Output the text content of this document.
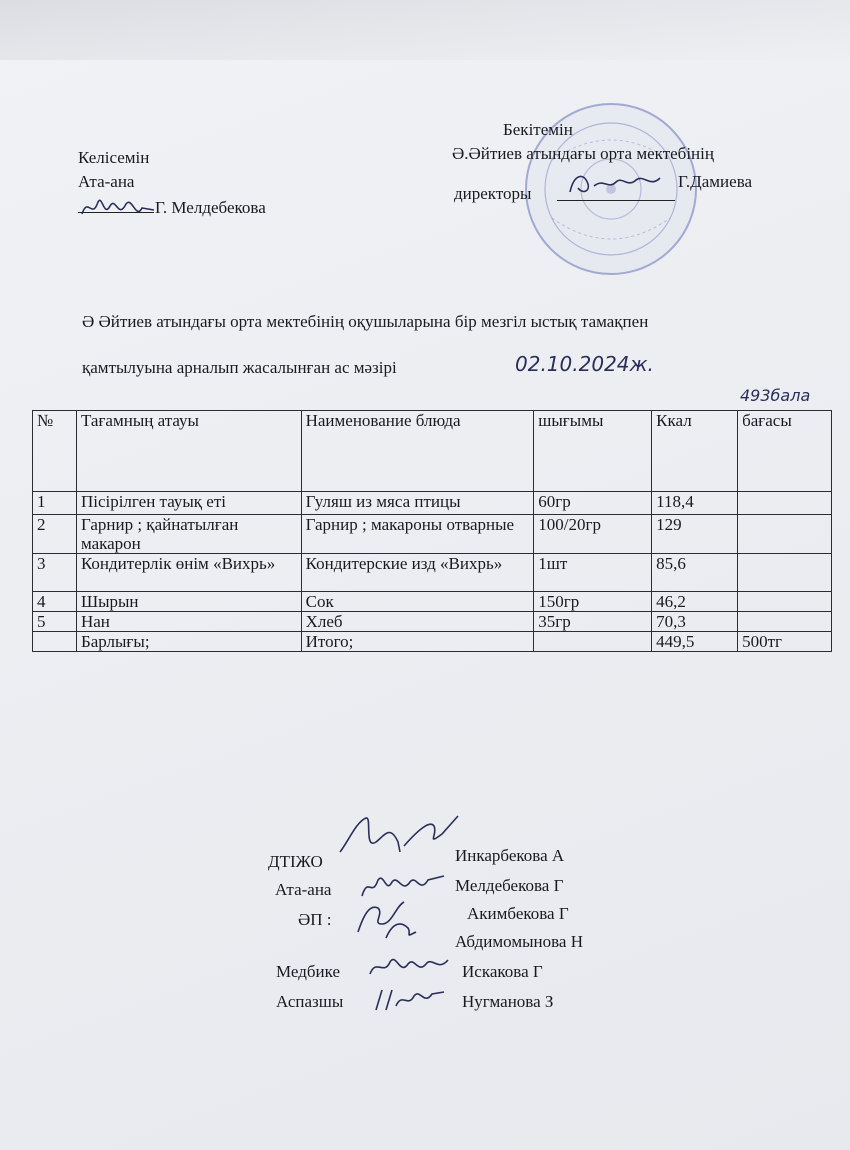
Келісемін
Ата-ана
Г. Мелдебекова
Бекітемін
Ә.Әйтиев атындағы орта мектебінің
директоры
Г.Дамиева
Ә Әйтиев атындағы орта мектебінің оқушыларына бір мезгіл ыстық тамақпен
қамтылуына арналып жасалынған ас мәзірі	02.10.2024ж.
493бала
№	Тағамның атауы	Наименование блюда	шығымы	Ккал	бағасы
1	Пісірілген тауық еті	Гуляш из мяса птицы	60гр	118,4	
2	Гарнир ; қайнатылған макарон	Гарнир ; макароны отварные	100/20гр	129	
3	Кондитерлік өнім «Вихрь»	Кондитерские изд «Вихрь»	1шт	85,6	
4	Шырын	Сок	150гр	46,2	
5	Нан	Хлеб	35гр	70,3	
	Барлығы;	Итого;		449,5	500тг
ДТІЖО
Ата-ана
ӘП :
Медбике
Аспазшы
Инкарбекова А
Мелдебекова Г
Акимбекова Г
Абдимомынова Н
Искакова Г
Нугманова З
